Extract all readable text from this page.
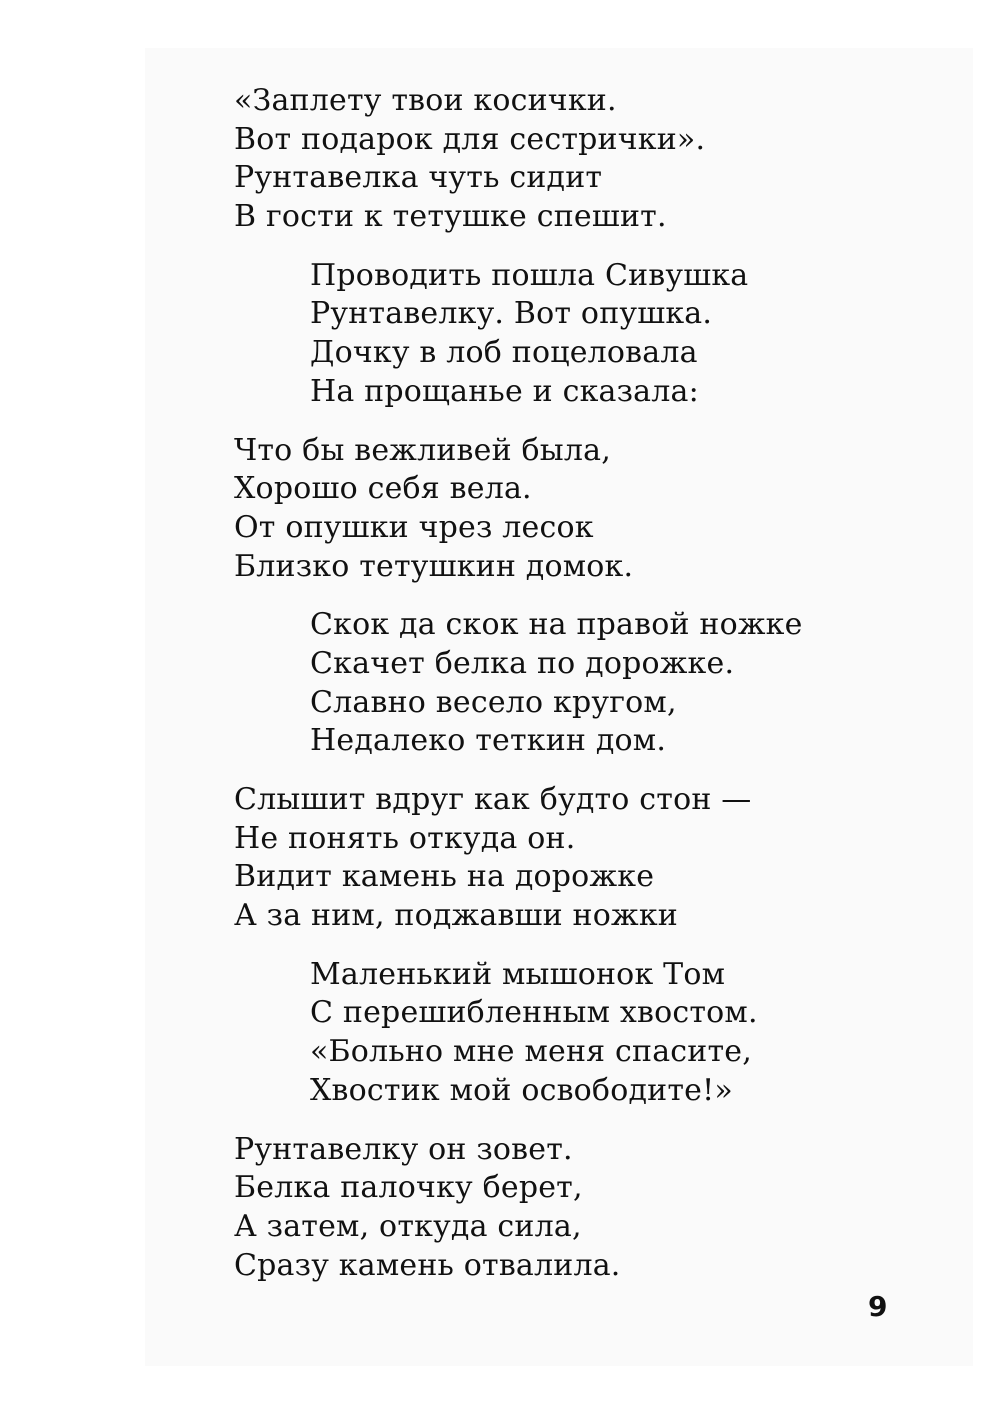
«Заплету твои косички.
Вот подарок для сестрички».
Рунтавелка чуть сидит
В гости к тетушке спешит.
Проводить пошла Сивушка
Рунтавелку. Вот опушка.
Дочку в лоб поцеловала
На прощанье и сказала:
Что бы вежливей была,
Хорошо себя вела.
От опушки чрез лесок
Близко тетушкин домок.
Скок да скок на правой ножке
Скачет белка по дорожке.
Славно весело кругом,
Недалеко теткин дом.
Слышит вдруг как будто стон —
Не понять откуда он.
Видит камень на дорожке
А за ним, поджавши ножки
Маленький мышонок Том
С перешибленным хвостом.
«Больно мне меня спасите,
Хвостик мой освободите!»
Рунтавелку он зовет.
Белка палочку берет,
А затем, откуда сила,
Сразу камень отвалила.
9
